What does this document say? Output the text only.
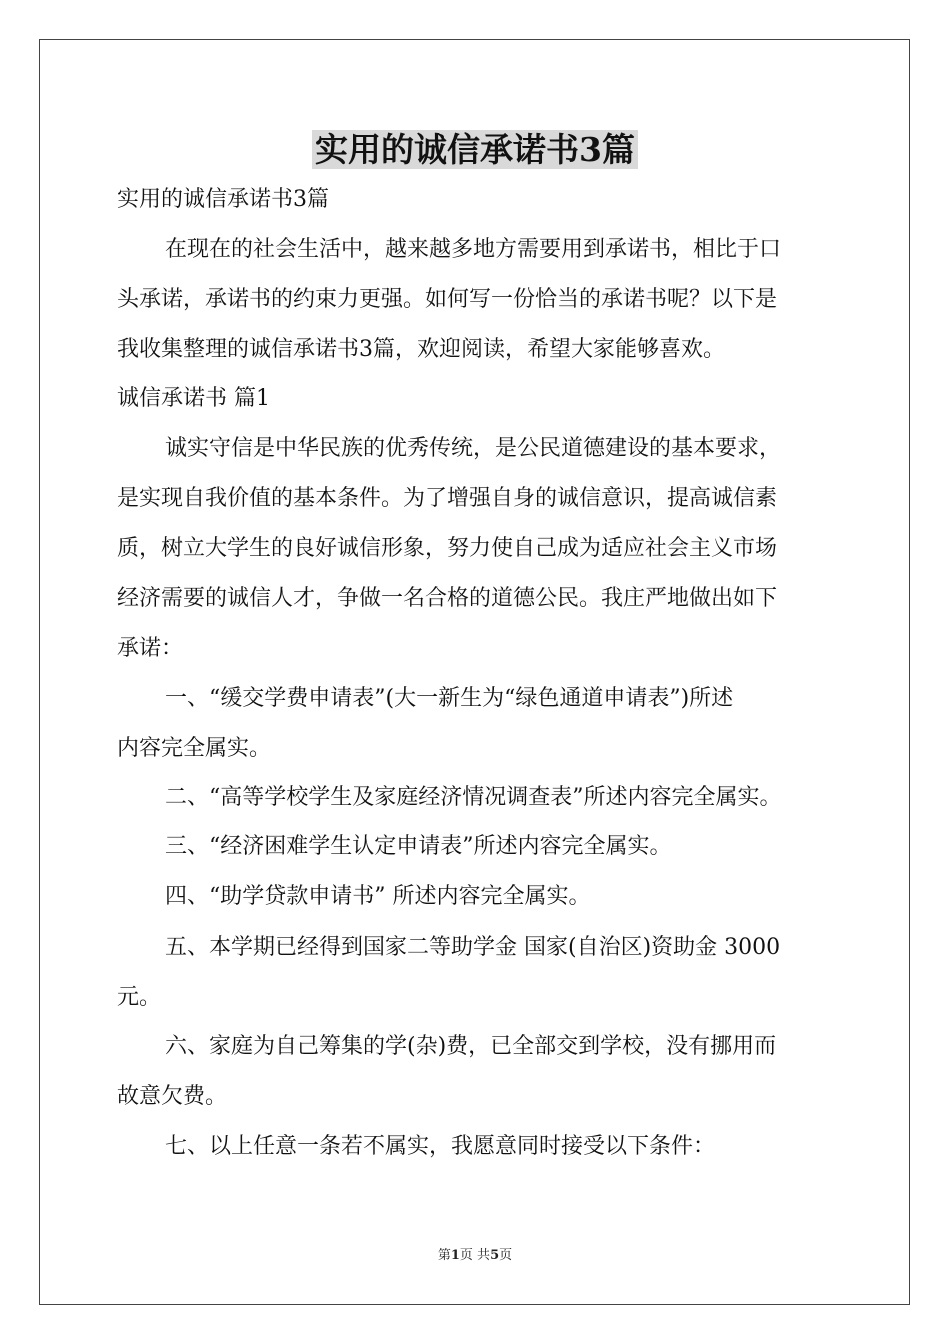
实用的诚信承诺书3篇

实用的诚信承诺书3篇

在现在的社会生活中，越来越多地方需要用到承诺书，相比于口

头承诺，承诺书的约束力更强。如何写一份恰当的承诺书呢？以下是

我收集整理的诚信承诺书3篇，欢迎阅读，希望大家能够喜欢。

诚信承诺书 篇1

诚实守信是中华民族的优秀传统，是公民道德建设的基本要求，

是实现自我价值的基本条件。为了增强自身的诚信意识，提高诚信素

质，树立大学生的良好诚信形象，努力使自己成为适应社会主义市场

经济需要的诚信人才，争做一名合格的道德公民。我庄严地做出如下

承诺：

一、“缓交学费申请表”(大一新生为“绿色通道申请表”)所述

内容完全属实。

二、“高等学校学生及家庭经济情况调查表”所述内容完全属实。

三、“经济困难学生认定申请表”所述内容完全属实。

四、“助学贷款申请书” 所述内容完全属实。

五、本学期已经得到国家二等助学金 国家(自治区)资助金 3000

元。

六、家庭为自己筹集的学(杂)费，已全部交到学校，没有挪用而

故意欠费。

七、以上任意一条若不属实，我愿意同时接受以下条件：

第1页 共5页
